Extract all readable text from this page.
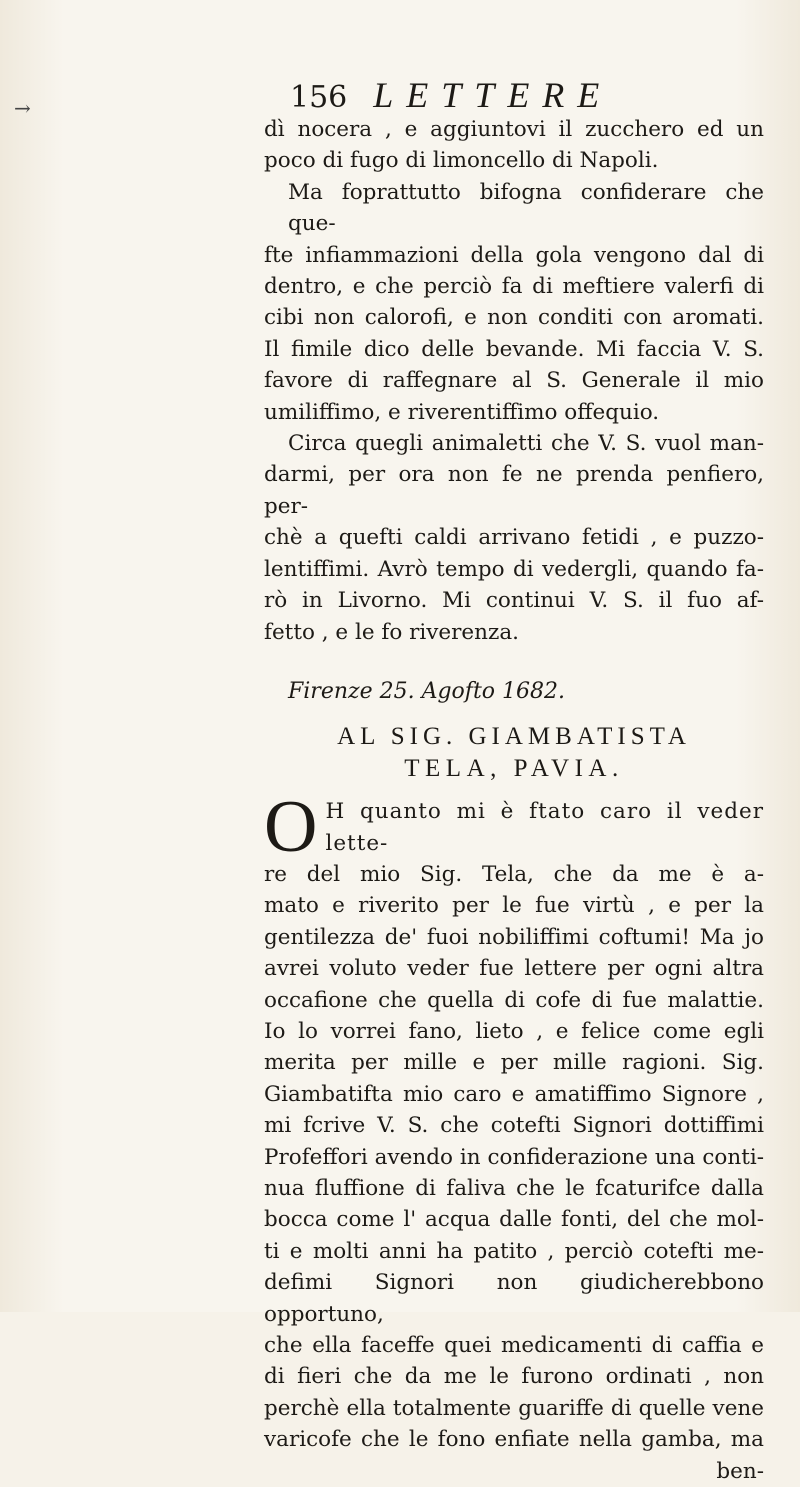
→	156 LETTERE
dì nocera , e aggiuntovi il zucchero ed un
poco di fugo di limoncello di Napoli.
Ma foprattutto bifogna confiderare che que-
fte infiammazioni della gola vengono dal di
dentro, e che perciò fa di meftiere valerfi di
cibi non calorofi, e non conditi con aromati.
Il fimile dico delle bevande. Mi faccia V. S.
favore di raffegnare al S. Generale il mio
umiliffimo, e riverentiffimo offequio.
Circa quegli animaletti che V. S. vuol man-
darmi, per ora non fe ne prenda penfiero, per-
chè a quefti caldi arrivano fetidi , e puzzo-
lentiffimi. Avrò tempo di vedergli, quando fa-
rò in Livorno. Mi continui V. S. il fuo af-
fetto , e le fo riverenza.
Firenze 25. Agofto 1682.
AL SIG. GIAMBATISTA
TELA, PAVIA.
O H quanto mi è ftato caro il veder lette-
re del mio Sig. Tela, che da me è a-
mato e riverito per le fue virtù , e per la
gentilezza de' fuoi nobiliffimi coftumi! Ma jo
avrei voluto veder fue lettere per ogni altra
occafione che quella di cofe di fue malattie.
Io lo vorrei fano, lieto , e felice come egli
merita per mille e per mille ragioni. Sig.
Giambatifta mio caro e amatiffimo Signore ,
mi fcrive V. S. che cotefti Signori dottiffimi
Profeffori avendo in confiderazione una conti-
nua fluffione di faliva che le fcaturifce dalla
bocca come l' acqua dalle fonti, del che mol-
ti e molti anni ha patito , perciò cotefti me-
defimi Signori non giudicherebbono opportuno,
che ella faceffe quei medicamenti di caffia e
di fieri che da me le furono ordinati , non
perchè ella totalmente guariffe di quelle vene
varicofe che le fono enfiate nella gamba, ma
ben-
